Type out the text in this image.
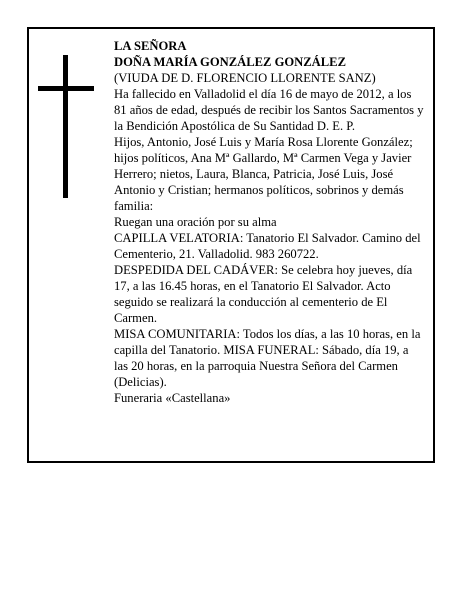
LA SEÑORA

DOÑA MARÍA GONZÁLEZ GONZÁLEZ

(VIUDA DE D. FLORENCIO LLORENTE SANZ)

Ha fallecido en Valladolid el día 16 de mayo de 2012, a los 81 años de edad, después de recibir los Santos Sacramentos y la Bendición Apostólica de Su Santidad D. E. P.

Hijos, Antonio, José Luis y María Rosa Llorente González; hijos políticos, Ana Mª Gallardo, Mª Carmen Vega y Javier Herrero; nietos, Laura, Blanca, Patricia, José Luis, José Antonio y Cristian; hermanos políticos, sobrinos y demás familia:

Ruegan una oración por su alma

CAPILLA VELATORIA: Tanatorio El Salvador. Camino del Cementerio, 21. Valladolid. 983 260722.

DESPEDIDA DEL CADÁVER: Se celebra hoy jueves, día 17, a las 16.45 horas, en el Tanatorio El Salvador. Acto seguido se realizará la conducción al cementerio de El Carmen.

MISA COMUNITARIA: Todos los días, a las 10 horas, en la capilla del Tanatorio. MISA FUNERAL: Sábado, día 19, a las 20 horas, en la parroquia Nuestra Señora del Carmen (Delicias).

Funeraria «Castellana»
